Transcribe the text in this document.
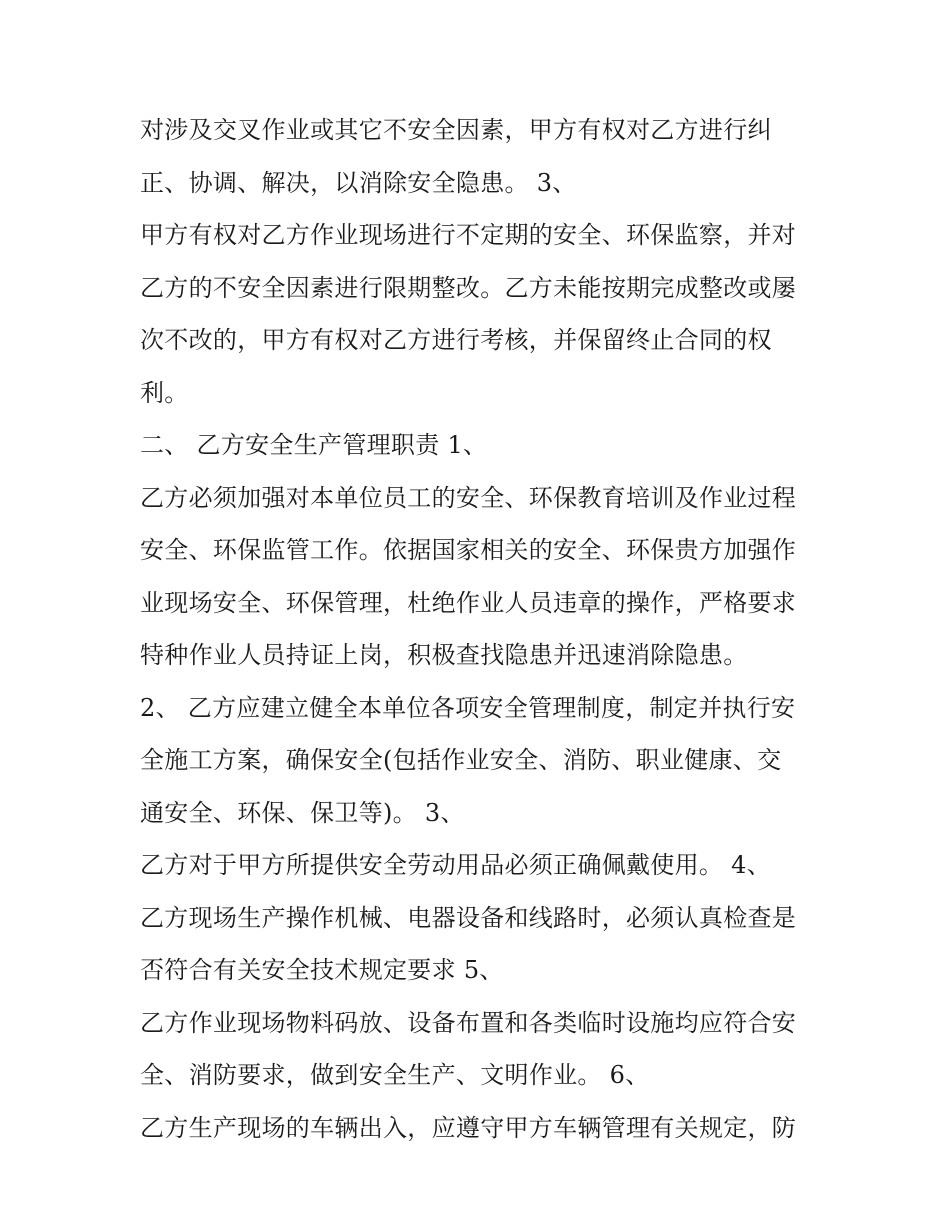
对涉及交叉作业或其它不安全因素，甲方有权对乙方进行纠
正、协调、解决，以消除安全隐患。 3、
甲方有权对乙方作业现场进行不定期的安全、环保监察，并对
乙方的不安全因素进行限期整改。乙方未能按期完成整改或屡
次不改的，甲方有权对乙方进行考核，并保留终止合同的权
利。
二、 乙方安全生产管理职责 1、
乙方必须加强对本单位员工的安全、环保教育培训及作业过程
安全、环保监管工作。依据国家相关的安全、环保贵方加强作
业现场安全、环保管理，杜绝作业人员违章的操作，严格要求
特种作业人员持证上岗，积极查找隐患并迅速消除隐患。
2、 乙方应建立健全本单位各项安全管理制度，制定并执行安
全施工方案，确保安全(包括作业安全、消防、职业健康、交
通安全、环保、保卫等)。 3、
乙方对于甲方所提供安全劳动用品必须正确佩戴使用。 4、
乙方现场生产操作机械、电器设备和线路时，必须认真检查是
否符合有关安全技术规定要求 5、
乙方作业现场物料码放、设备布置和各类临时设施均应符合安
全、消防要求，做到安全生产、文明作业。 6、
乙方生产现场的车辆出入，应遵守甲方车辆管理有关规定，防
